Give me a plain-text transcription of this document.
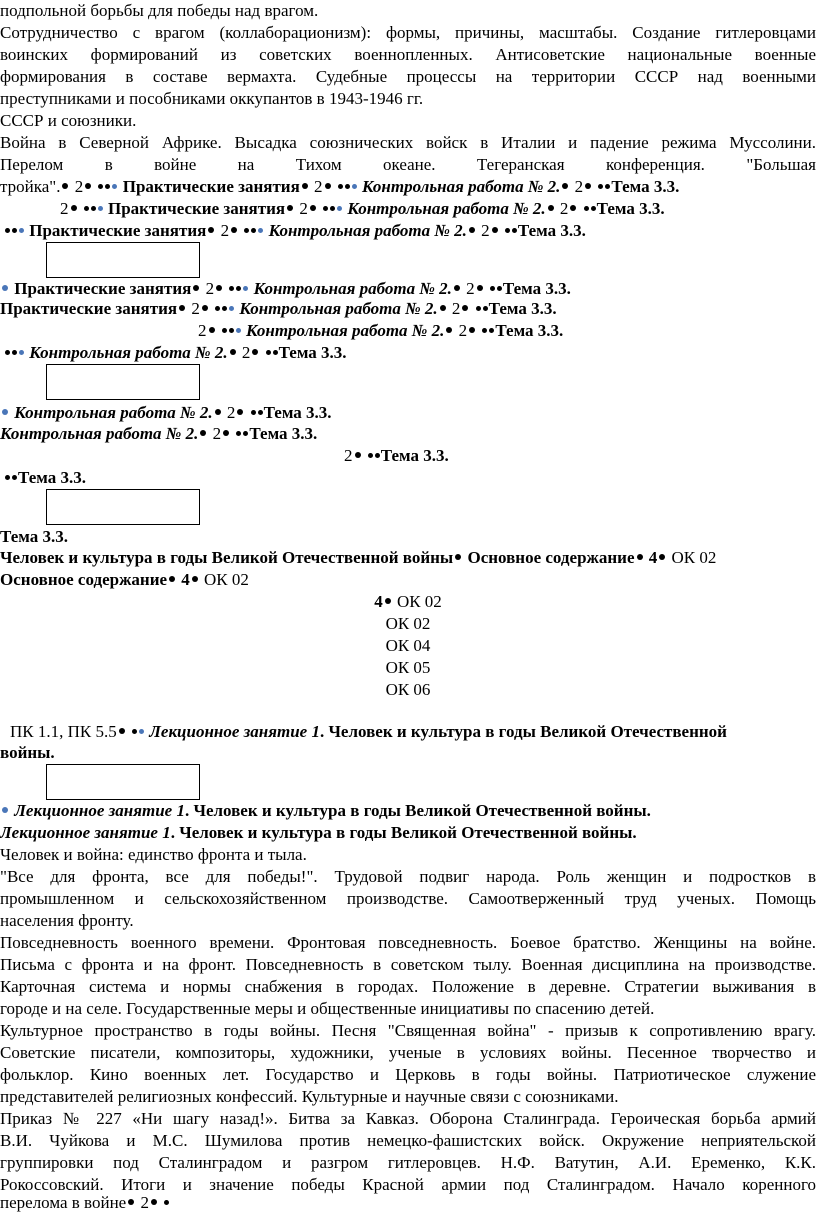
подпольной борьбы для победы над врагом.
Сотрудничество с врагом (коллаборационизм): формы, причины, масштабы. Создание гитлеровцами
воинских формирований из советских военнопленных. Антисоветские национальные военные
формирования в составе вермахта. Судебные процессы на территории СССР над военными
преступниками и пособниками оккупантов в 1943-1946 гг.
СССР и союзники.
Война в Северной Африке. Высадка союзнических войск в Италии и падение режима Муссолини.
Перелом в войне на Тихом океане. Тегеранская конференция. "Большая
тройка". 2 Практические занятия 2 Контрольная работа № 2. 2 Тема 3.3.
2 Практические занятия 2 Контрольная работа № 2. 2 Тема 3.3.
Практические занятия 2 Контрольная работа № 2. 2 Тема 3.3.
Практические занятия 2 Контрольная работа № 2. 2 Тема 3.3.
Практические занятия 2 Контрольная работа № 2. 2 Тема 3.3.
2 Контрольная работа № 2. 2 Тема 3.3.
Контрольная работа № 2. 2 Тема 3.3.
Контрольная работа № 2. 2 Тема 3.3.
Контрольная работа № 2. 2 Тема 3.3.
2 Тема 3.3.
Тема 3.3.
Тема 3.3.
Человек и культура в годы Великой Отечественной войны Основное содержание 4 ОК 02
Основное содержание 4 ОК 02
4 ОК 02
ОК 02
ОК 04
ОК 05
ОК 06
ПК 1.1, ПК 5.5 Лекционное занятие 1. Человек и культура в годы Великой Отечественной
войны.
Лекционное занятие 1. Человек и культура в годы Великой Отечественной войны.
Лекционное занятие 1. Человек и культура в годы Великой Отечественной войны.
Человек и война: единство фронта и тыла.
"Все для фронта, все для победы!". Трудовой подвиг народа. Роль женщин и подростков в
промышленном и сельскохозяйственном производстве. Самоотверженный труд ученых. Помощь
населения фронту.
Повседневность военного времени. Фронтовая повседневность. Боевое братство. Женщины на войне.
Письма с фронта и на фронт. Повседневность в советском тылу. Военная дисциплина на производстве.
Карточная система и нормы снабжения в городах. Положение в деревне. Стратегии выживания в
городе и на селе. Государственные меры и общественные инициативы по спасению детей.
Культурное пространство в годы войны. Песня "Священная война" - призыв к сопротивлению врагу.
Советские писатели, композиторы, художники, ученые в условиях войны. Песенное творчество и
фольклор. Кино военных лет. Государство и Церковь в годы войны. Патриотическое служение
представителей религиозных конфессий. Культурные и научные связи с союзниками.
Приказ № 227 «Ни шагу назад!». Битва за Кавказ. Оборона Сталинграда. Героическая борьба армий
В.И. Чуйкова и М.С. Шумилова против немецко-фашистских войск. Окружение неприятельской
группировки под Сталинградом и разгром гитлеровцев. Н.Ф. Ватутин, А.И. Еременко, К.К.
Рокоссовский. Итоги и значение победы Красной армии под Сталинградом. Начало коренного
перелома в войне 2
